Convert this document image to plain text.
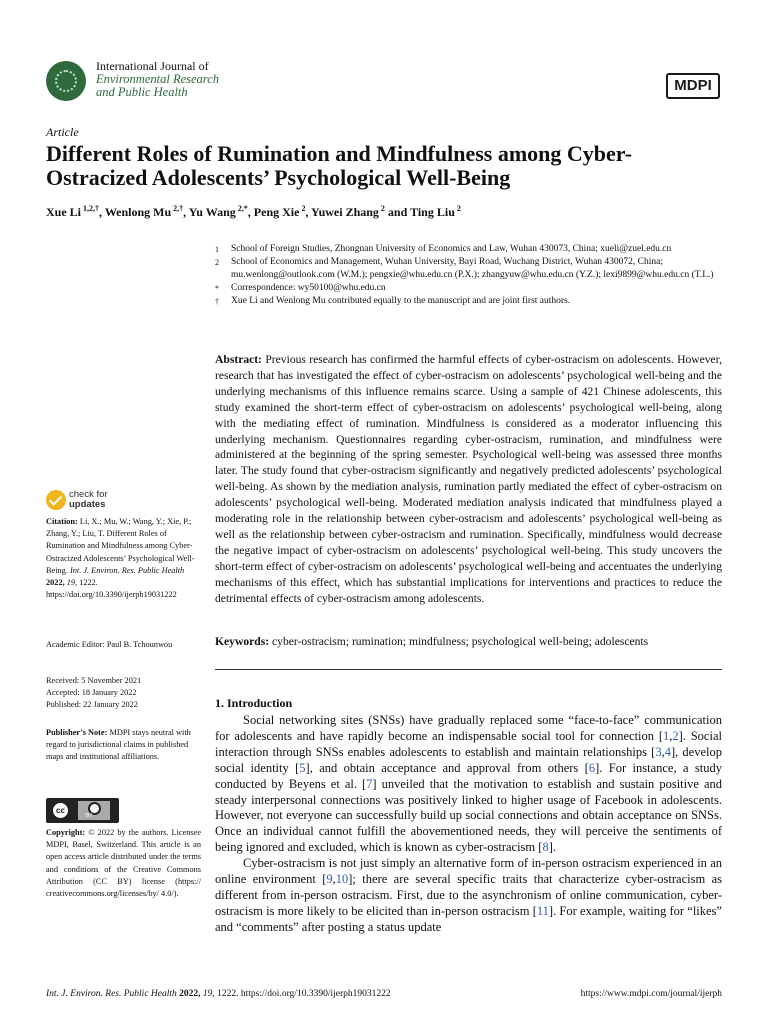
International Journal of
Environmental Research
and Public Health	MDPI
Article
Different Roles of Rumination and Mindfulness among Cyber-Ostracized Adolescents’ Psychological Well-Being
Xue Li $^{1,2,\dagger}$, Wenlong Mu $^{2,\dagger}$, Yu Wang $^{2,*}$, Peng Xie $^2$, Yuwei Zhang $^2$ and Ting Liu $^2$
1	School of Foreign Studies, Zhongnan University of Economics and Law, Wuhan 430073, China; xueli@zuel.edu.cn
2	School of Economics and Management, Wuhan University, Bayi Road, Wuchang District, Wuhan 430072, China; mu.wenlong@outlook.com (W.M.); pengxie@whu.edu.cn (P.X.); zhangyuw@whu.edu.cn (Y.Z.); lexi9899@whu.edu.cn (T.L.)
*	Correspondence: wy50100@whu.edu.cn
†	Xue Li and Wenlong Mu contributed equally to the manuscript and are joint first authors.
Abstract: Previous research has confirmed the harmful effects of cyber-ostracism on adolescents. However, research that has investigated the effect of cyber-ostracism on adolescents’ psychological well-being and the underlying mechanisms of this influence remains scarce. Using a sample of 421 Chinese adolescents, this study examined the short-term effect of cyber-ostracism on adolescents’ psychological well-being, along with the mediating effect of rumination. Mindfulness is considered as a moderator influencing this underlying mechanism. Questionnaires regarding cyber-ostracism, rumination, and mindfulness were administered at the beginning of the spring semester. Psychological well-being was assessed three months later. The study found that cyber-ostracism significantly and negatively predicted adolescents’ psychological well-being. As shown by the mediation analysis, rumination partly mediated the effect of cyber-ostracism on adolescents’ psychological well-being. Moderated mediation analysis indicated that mindfulness played a moderating role in the relationship between cyber-ostracism and adolescents’ psychological well-being as well as the relationship between cyber-ostracism and rumination. Specifically, mindfulness would decrease the negative impact of cyber-ostracism on adolescents’ psychological well-being. This study uncovers the short-term effect of cyber-ostracism on adolescents’ psychological well-being and accentuates the underlying mechanisms of this effect, which has substantial implications for interventions and practices to reduce the detrimental effects of cyber-ostracism among adolescents.
Keywords: cyber-ostracism; rumination; mindfulness; psychological well-being; adolescents
1. Introduction

Social networking sites (SNSs) have gradually replaced some “face-to-face” communication for adolescents and have rapidly become an indispensable social tool for connection [1,2]. Social interaction through SNSs enables adolescents to establish and maintain relationships [3,4], develop social identity [5], and obtain acceptance and approval from others [6]. For instance, a study conducted by Beyens et al. [7] unveiled that the motivation to establish and sustain positive and steady interpersonal connections was positively linked to higher usage of Facebook in adolescents. However, not everyone can successfully build up social connections and obtain acceptance on SNSs. Once an individual cannot fulfill the abovementioned needs, they will perceive the sentiments of being ignored and excluded, which is known as cyber-ostracism [8].

Cyber-ostracism is not just simply an alternative form of in-person ostracism experienced in an online environment [9,10]; there are several specific traits that characterize cyber-ostracism as different from in-person ostracism. First, due to the asynchronism of online communication, cyber-ostracism is more likely to be elicited than in-person ostracism [11]. For example, waiting for “likes” and “comments” after posting a status update

check for
updates
Citation: Li, X.; Mu, W.; Wang, Y.; Xie, P.; Zhang, Y.; Liu, T. Different Roles of Rumination and Mindfulness among Cyber-Ostracized Adolescents’ Psychological Well-Being. Int. J. Environ. Res. Public Health 2022, 19, 1222. https://doi.org/10.3390/ijerph19031222
Academic Editor: Paul B. Tchounwou
Received: 5 November 2021
Accepted: 18 January 2022
Published: 22 January 2022
Publisher’s Note: MDPI stays neutral with regard to jurisdictional claims in published maps and institutional affiliations.
cc
BY
Copyright: © 2022 by the authors. Licensee MDPI, Basel, Switzerland. This article is an open access article distributed under the terms and conditions of the Creative Commons Attribution (CC BY) license (https:// creativecommons.org/licenses/by/ 4.0/).
Int. J. Environ. Res. Public Health 2022, 19, 1222. https://doi.org/10.3390/ijerph19031222	https://www.mdpi.com/journal/ijerph
